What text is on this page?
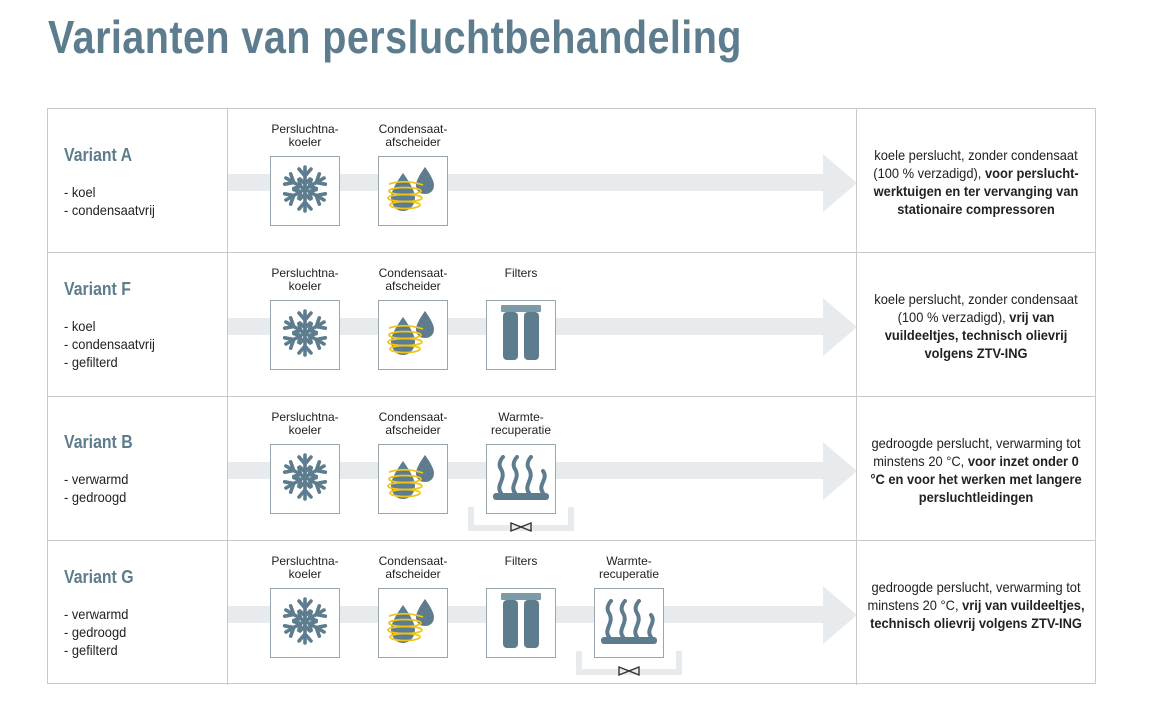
Varianten van persluchtbehandeling
Variant A
- koel
- condensaatvrij
Persluchtna-
koeler
Condensaat-
afscheider
koele perslucht, zonder condensaat (100 % verzadigd), voor perslucht-werktuigen en ter vervanging van stationaire compressoren
Variant F
- koel
- condensaatvrij
- gefilterd
Persluchtna-
koeler
Condensaat-
afscheider
Filters
koele perslucht, zonder condensaat (100 % verzadigd), vrij van vuildeeltjes, technisch olievrij volgens ZTV-ING
Variant B
- verwarmd
- gedroogd
Persluchtna-
koeler
Condensaat-
afscheider
Warmte-
recuperatie
gedroogde perslucht, verwarming tot minstens 20 °C, voor inzet onder 0 °C en voor het werken met langere persluchtleidingen
Variant G
- verwarmd
- gedroogd
- gefilterd
Persluchtna-
koeler
Condensaat-
afscheider
Filters	Warmte-
recuperatie
gedroogde perslucht, verwarming tot minstens 20 °C, vrij van vuildeeltjes, technisch olievrij volgens ZTV-ING
